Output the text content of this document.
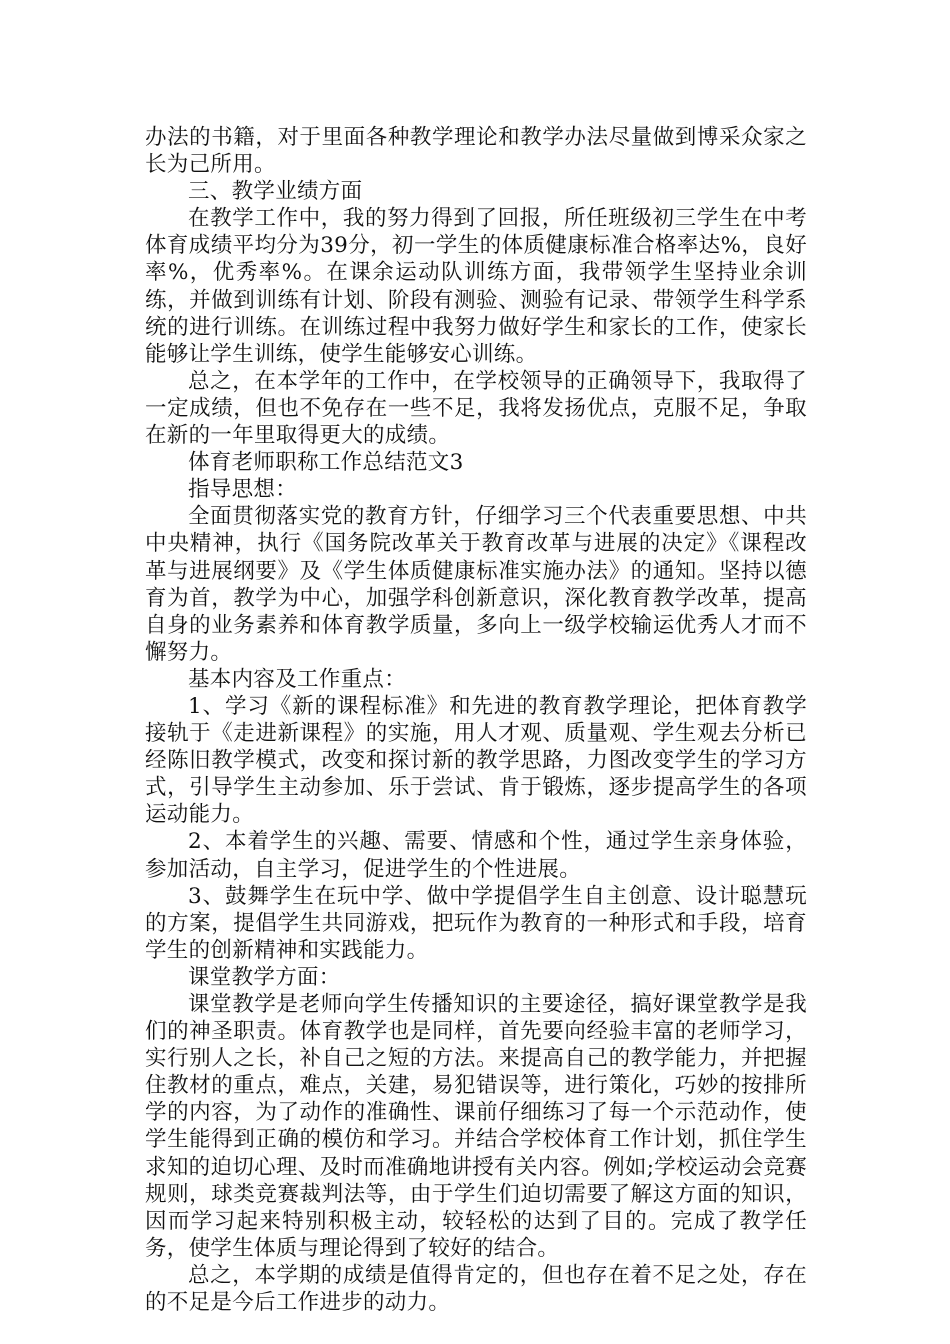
办法的书籍，对于里面各种教学理论和教学办法尽量做到博采众家之长为己所用。

三、教学业绩方面

在教学工作中，我的努力得到了回报，所任班级初三学生在中考体育成绩平均分为39分，初一学生的体质健康标准合格率达%，良好率%，优秀率%。在课余运动队训练方面，我带领学生坚持业余训练，并做到训练有计划、阶段有测验、测验有记录、带领学生科学系统的进行训练。在训练过程中我努力做好学生和家长的工作，使家长能够让学生训练，使学生能够安心训练。

总之，在本学年的工作中，在学校领导的正确领导下，我取得了一定成绩，但也不免存在一些不足，我将发扬优点，克服不足，争取在新的一年里取得更大的成绩。

体育老师职称工作总结范文3

指导思想：

全面贯彻落实党的教育方针，仔细学习三个代表重要思想、中共中央精神，执行《国务院改革关于教育改革与进展的决定》《课程改革与进展纲要》及《学生体质健康标准实施办法》的通知。坚持以德育为首，教学为中心，加强学科创新意识，深化教育教学改革，提高自身的业务素养和体育教学质量，多向上一级学校输运优秀人才而不懈努力。

基本内容及工作重点：

1、学习《新的课程标准》和先进的教育教学理论，把体育教学接轨于《走进新课程》的实施，用人才观、质量观、学生观去分析已经陈旧教学模式，改变和探讨新的教学思路，力图改变学生的学习方式，引导学生主动参加、乐于尝试、肯于锻炼，逐步提高学生的各项运动能力。

2、本着学生的兴趣、需要、情感和个性，通过学生亲身体验，参加活动，自主学习，促进学生的个性进展。

3、鼓舞学生在玩中学、做中学提倡学生自主创意、设计聪慧玩的方案，提倡学生共同游戏，把玩作为教育的一种形式和手段，培育学生的创新精神和实践能力。

课堂教学方面：

课堂教学是老师向学生传播知识的主要途径，搞好课堂教学是我们的神圣职责。体育教学也是同样，首先要向经验丰富的老师学习，实行别人之长，补自己之短的方法。来提高自己的教学能力，并把握住教材的重点，难点，关建，易犯错误等，进行策化，巧妙的按排所学的内容，为了动作的准确性、课前仔细练习了每一个示范动作，使学生能得到正确的模仿和学习。并结合学校体育工作计划，抓住学生求知的迫切心理、及时而准确地讲授有关内容。例如;学校运动会竞赛规则，球类竞赛裁判法等，由于学生们迫切需要了解这方面的知识，因而学习起来特别积极主动，较轻松的达到了目的。完成了教学任务，使学生体质与理论得到了较好的结合。

总之，本学期的成绩是值得肯定的，但也存在着不足之处，存在的不足是今后工作进步的动力。
